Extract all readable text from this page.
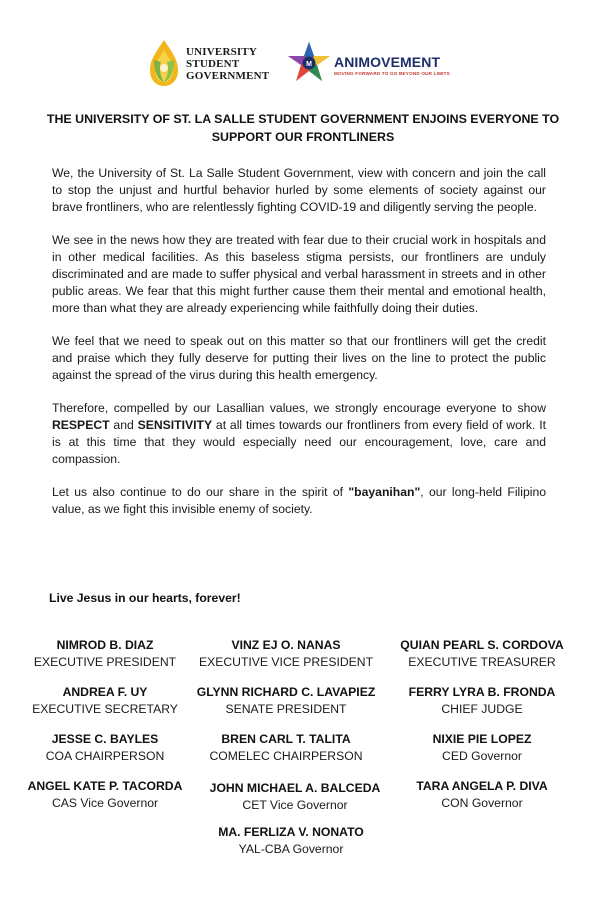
UNIVERSITY
STUDENT
GOVERNMENT
M ANIMOVEMENT
MOVING FORWARD TO GO BEYOND OUR LIMITS
THE UNIVERSITY OF ST. LA SALLE STUDENT GOVERNMENT ENJOINS EVERYONE TO
SUPPORT OUR FRONTLINERS

We, the University of St. La Salle Student Government, view with concern and join the call to stop the unjust and hurtful behavior hurled by some elements of society against our brave frontliners, who are relentlessly fighting COVID-19 and diligently serving the people.

We see in the news how they are treated with fear due to their crucial work in hospitals and in other medical facilities. As this baseless stigma persists, our frontliners are unduly discriminated and are made to suffer physical and verbal harassment in streets and in other public areas. We fear that this might further cause them their mental and emotional health, more than what they are already experiencing while faithfully doing their duties.

We feel that we need to speak out on this matter so that our frontliners will get the credit and praise which they fully deserve for putting their lives on the line to protect the public against the spread of the virus during this health emergency.

Therefore, compelled by our Lasallian values, we strongly encourage everyone to show RESPECT and SENSITIVITY at all times towards our frontliners from every field of work. It is at this time that they would especially need our encouragement, love, care and compassion.

Let us also continue to do our share in the spirit of "bayanihan", our long-held Filipino value, as we fight this invisible enemy of society.

Live Jesus in our hearts, forever!
NIMROD B. DIAZ
EXECUTIVE PRESIDENT
VINZ EJ O. NANAS
EXECUTIVE VICE PRESIDENT
QUIAN PEARL S. CORDOVA
EXECUTIVE TREASURER
ANDREA F. UY
EXECUTIVE SECRETARY
GLYNN RICHARD C. LAVAPIEZ
SENATE PRESIDENT
FERRY LYRA B. FRONDA
CHIEF JUDGE
JESSE C. BAYLES
COA CHAIRPERSON
BREN CARL T. TALITA
COMELEC CHAIRPERSON
NIXIE PIE LOPEZ
CED Governor
ANGEL KATE P. TACORDA
CAS Vice Governor
JOHN MICHAEL A. BALCEDA
CET Vice Governor
TARA ANGELA P. DIVA
CON Governor
MA. FERLIZA V. NONATO
YAL-CBA Governor
